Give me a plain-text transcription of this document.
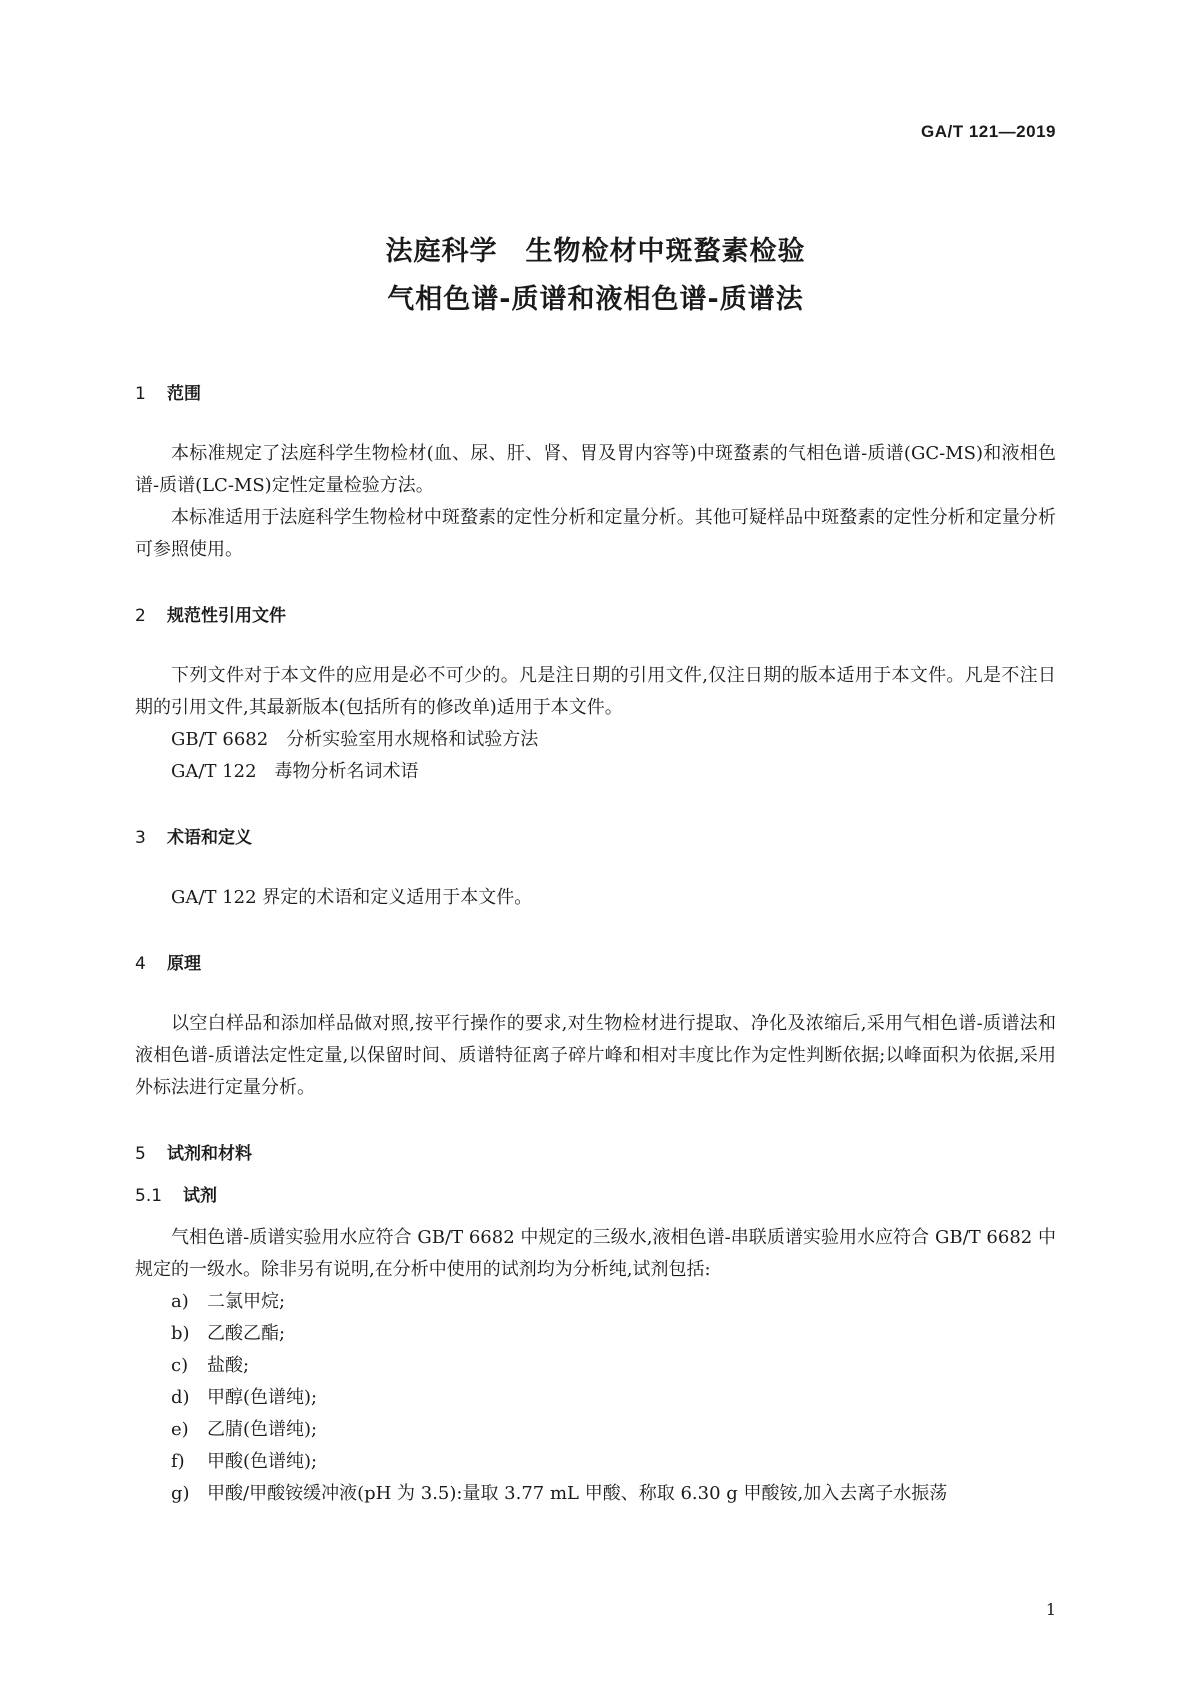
GA/T 121—2019
法庭科学　生物检材中斑蝥素检验
气相色谱-质谱和液相色谱-质谱法
1 范围
本标准规定了法庭科学生物检材(血、尿、肝、肾、胃及胃内容等)中斑蝥素的气相色谱-质谱(GC-MS)和液相色谱-质谱(LC-MS)定性定量检验方法。
本标准适用于法庭科学生物检材中斑蝥素的定性分析和定量分析。其他可疑样品中斑蝥素的定性分析和定量分析可参照使用。
2 规范性引用文件
下列文件对于本文件的应用是必不可少的。凡是注日期的引用文件,仅注日期的版本适用于本文件。凡是不注日期的引用文件,其最新版本(包括所有的修改单)适用于本文件。
GB/T 6682 分析实验室用水规格和试验方法
GA/T 122 毒物分析名词术语
3 术语和定义
GA/T 122 界定的术语和定义适用于本文件。
4 原理
以空白样品和添加样品做对照,按平行操作的要求,对生物检材进行提取、净化及浓缩后,采用气相色谱-质谱法和液相色谱-质谱法定性定量,以保留时间、质谱特征离子碎片峰和相对丰度比作为定性判断依据;以峰面积为依据,采用外标法进行定量分析。
5 试剂和材料
5.1 试剂
气相色谱-质谱实验用水应符合 GB/T 6682 中规定的三级水,液相色谱-串联质谱实验用水应符合 GB/T 6682 中规定的一级水。除非另有说明,在分析中使用的试剂均为分析纯,试剂包括:
a) 二氯甲烷;
b) 乙酸乙酯;
c) 盐酸;
d) 甲醇(色谱纯);
e) 乙腈(色谱纯);
f) 甲酸(色谱纯);
g) 甲酸/甲酸铵缓冲液(pH 为 3.5):量取 3.77 mL 甲酸、称取 6.30 g 甲酸铵,加入去离子水振荡
1
